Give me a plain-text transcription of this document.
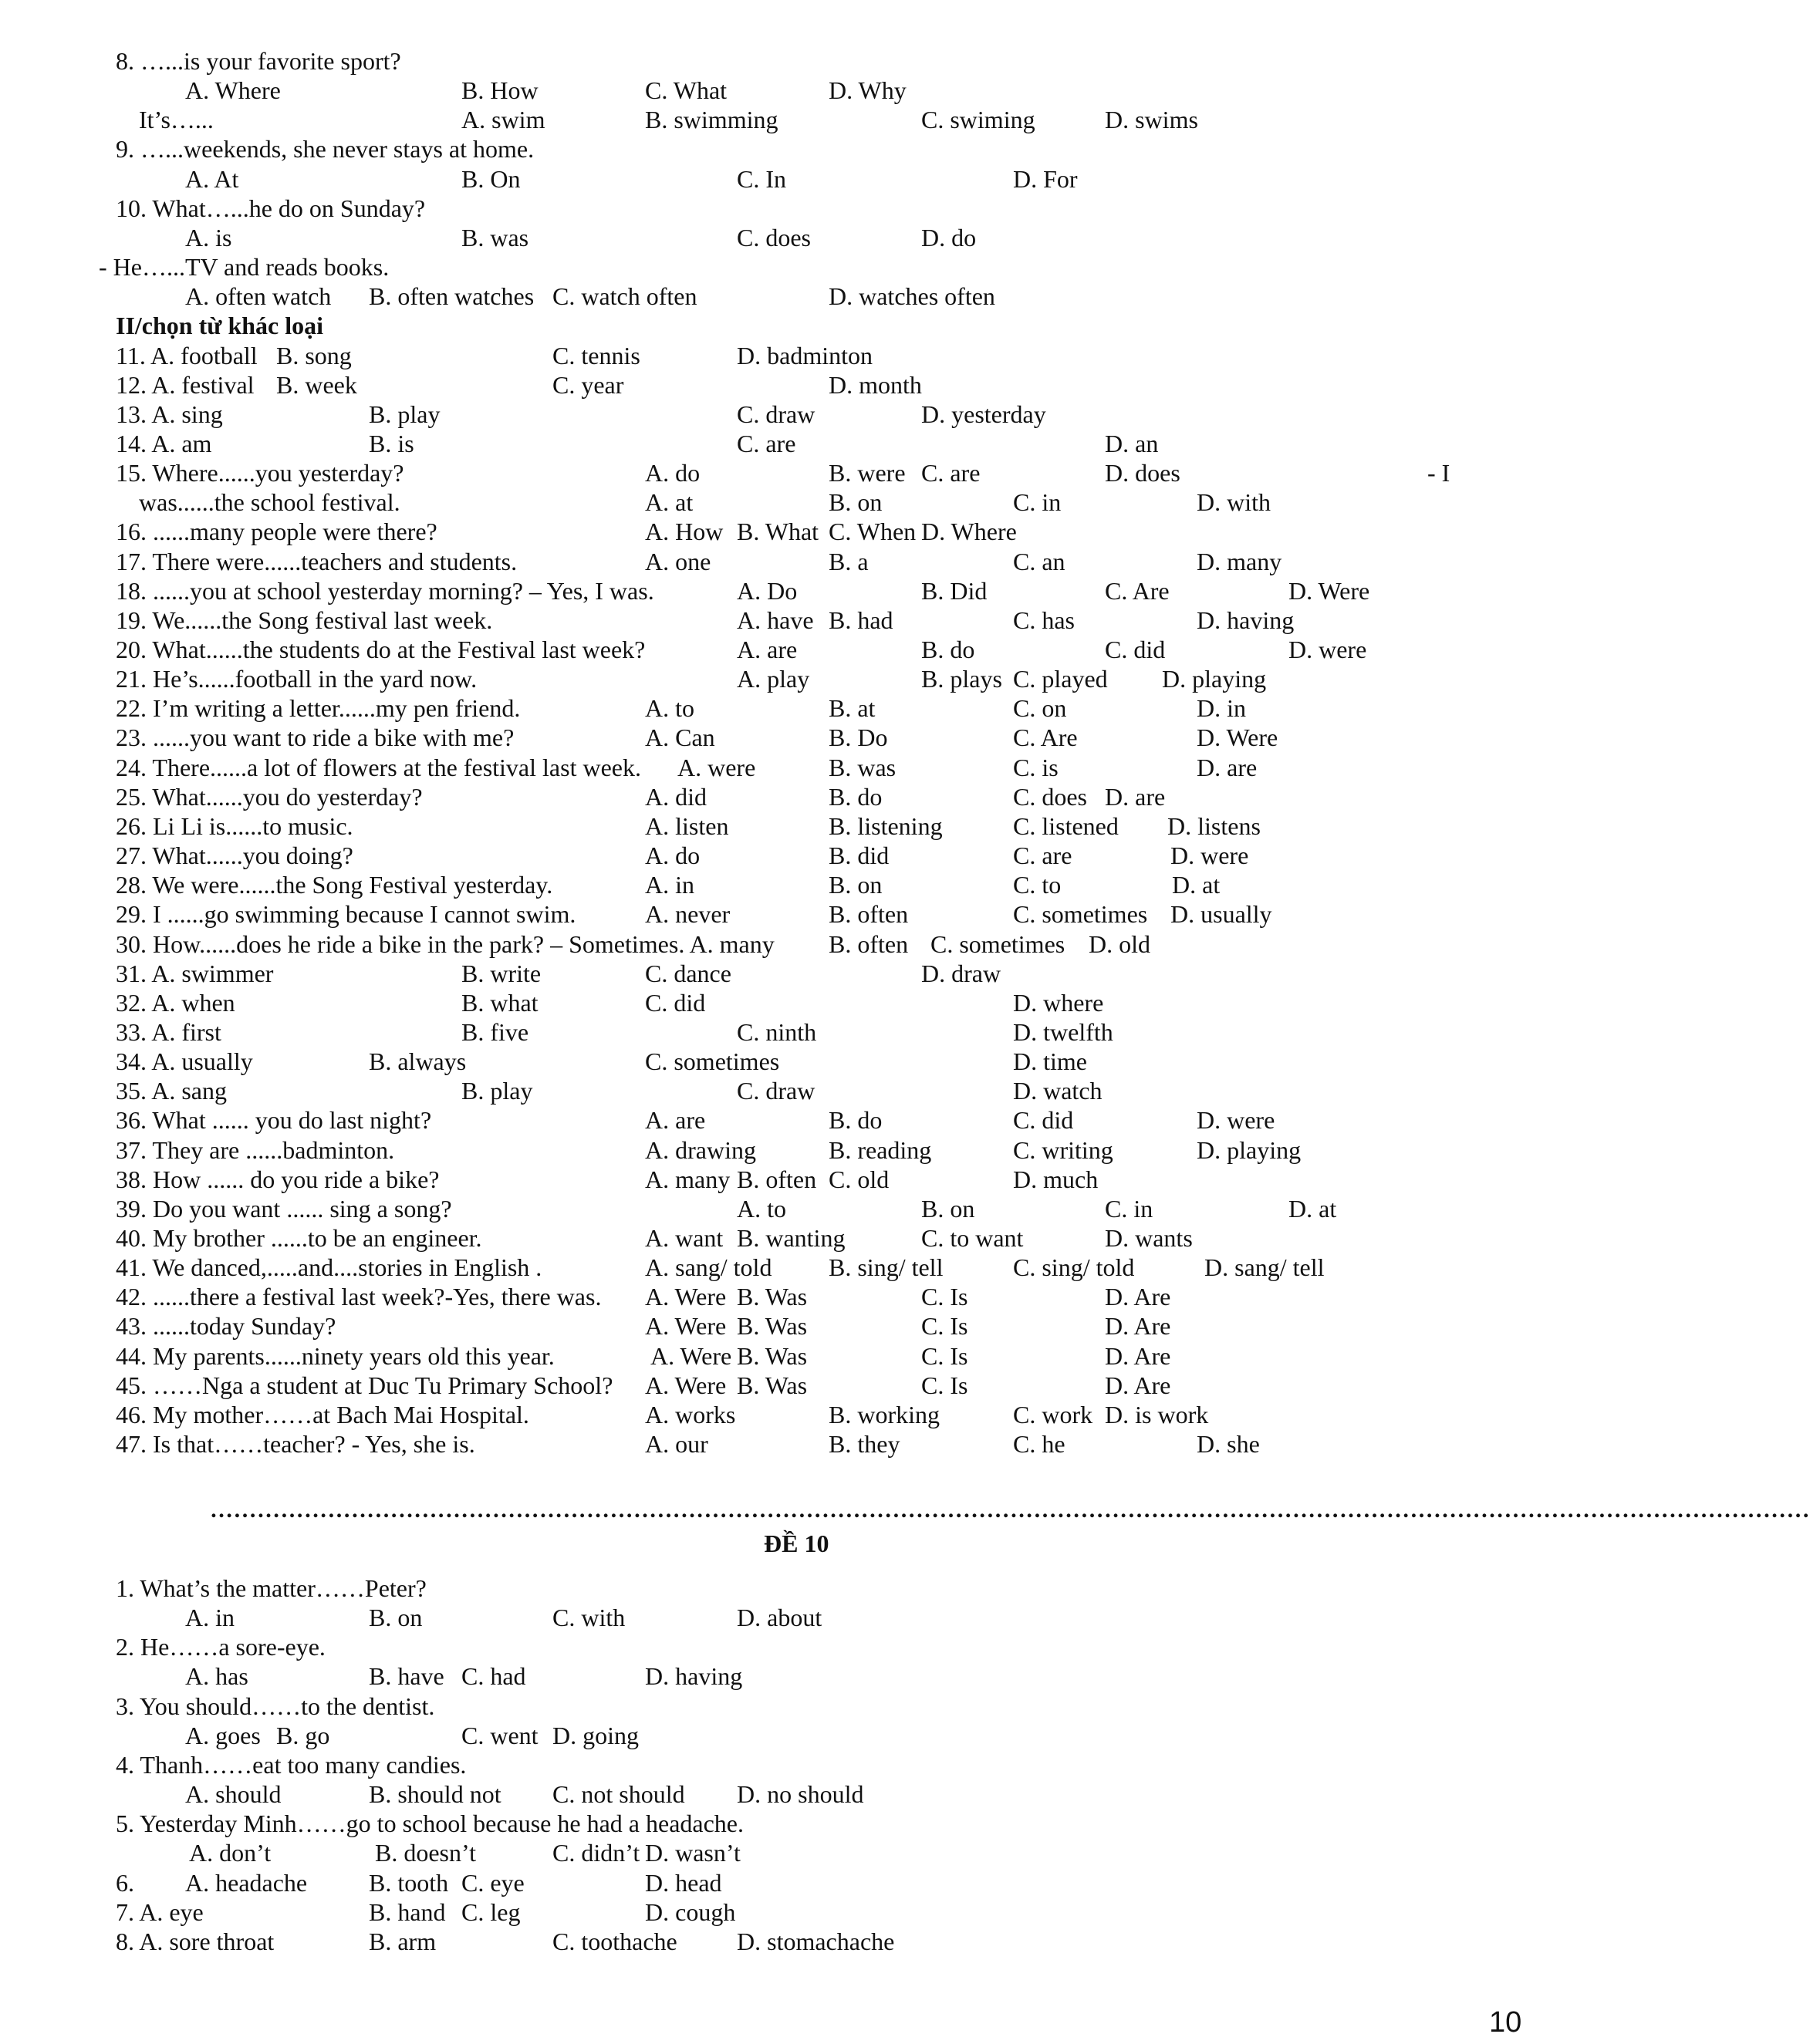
8. …...is your favorite sport?
A. Where	B. How	C. What	D. Why
It’s…...	A. swim	B. swimming	C. swiming	D. swims
9. …...weekends, she never stays at home.
A. At	B. On	C. In	D. For
10. What…...he do on Sunday?
A. is	B. was	C. does	D. do
- He…...TV and reads books.
A. often watch B. often watches C. watch often	D. watches often
II/chọn từ khác loại
11. A. football B. song	C. tennis	D. badminton
12. A. festival B. week	C. year	D. month
13. A. sing	B. play	C. draw	D. yesterday
14. A. am	B. is	C. are	D. an
15. Where......you yesterday?	A. do	B. were C. are	D. does	- I
was......the school festival.	A. at	B. on	C. in	D. with
16. ......many people were there?	A. How B. What C. When D. Where
17. There were......teachers and students.	A. one	B. a	C. an	D. many
18. ......you at school yesterday morning? – Yes, I was.	A. Do	B. Did	C. Are	D. Were
19. We......the Song festival last week.	A. have B. had	C. has	D. having
20. What......the students do at the Festival last week?	A. are	B. do	C. did	D. were
21. He’s......football in the yard now.	A. play	B. plays C. played D. playing
22. I’m writing a letter......my pen friend.	A. to	B. at	C. on	D. in
23. ......you want to ride a bike with me?	A. Can	B. Do	C. Are	D. Were
24. There......a lot of flowers at the festival last week. A. were	B. was	C. is	D. are
25. What......you do yesterday?	A. did	B. do	C. does D. are
26. Li Li is......to music.	A. listen	B. listening	C. listened D. listens
27. What......you doing?	A. do	B. did	C. are	D. were
28. We were......the Song Festival yesterday.	A. in	B. on	C. to	D. at
29. I ......go swimming because I cannot swim.	A. never	B. often	C. sometimes D. usually
30. How......does he ride a bike in the park? – Sometimes. A. many B. often C. sometimes D. old
31. A. swimmer	B. write	C. dance	D. draw
32. A. when	B. what	C. did	D. where
33. A. first	B. five	C. ninth	D. twelfth
34. A. usually	B. always	C. sometimes	D. time
35. A. sang	B. play	C. draw	D. watch
36. What ...... you do last night?	A. are	B. do	C. did	D. were
37. They are ......badminton.	A. drawing	B. reading	C. writing	D. playing
38. How ...... do you ride a bike?	A. many B. often C. old	D. much
39. Do you want ...... sing a song?	A. to	B. on	C. in	D. at
40. My brother ......to be an engineer.	A. want B. wanting	C. to want	D. wants
41. We danced,.....and....stories in English .	A. sang/ told B. sing/ tell	C. sing/ told	D. sang/ tell
42. ......there a festival last week?-Yes, there was. A. Were B. Was	C. Is	D. Are
43. ......today Sunday?	A. Were B. Was	C. Is	D. Are
44. My parents......ninety years old this year.	A. Were B. Was	C. Is	D. Are
45. ……Nga a student at Duc Tu Primary School? A. Were B. Was	C. Is	D. Are
46. My mother……at Bach Mai Hospital.	A. works	B. working	C. work D. is work
47. Is that……teacher? - Yes, she is.	A. our	B. they	C. he	D. she
……………………………………………………………………………………………………………………………………………………………………………………
ĐỀ 10
1. What’s the matter……Peter?
A. in	B. on	C. with	D. about
2. He……a sore-eye.
A. has	B. have C. had	D. having
3. You should……to the dentist.
A. goes B. go	C. went D. going
4. Thanh……eat too many candies.
A. should	B. should not C. not should D. no should
5. Yesterday Minh……go to school because he had a headache.
A. don’t	B. doesn’t	C. didn’t D. wasn’t
6. A. headache B. tooth C. eye	D. head
7. A. eye	B. hand C. leg	D. cough
8. A. sore throat	B. arm	C. toothache D. stomachache
10
